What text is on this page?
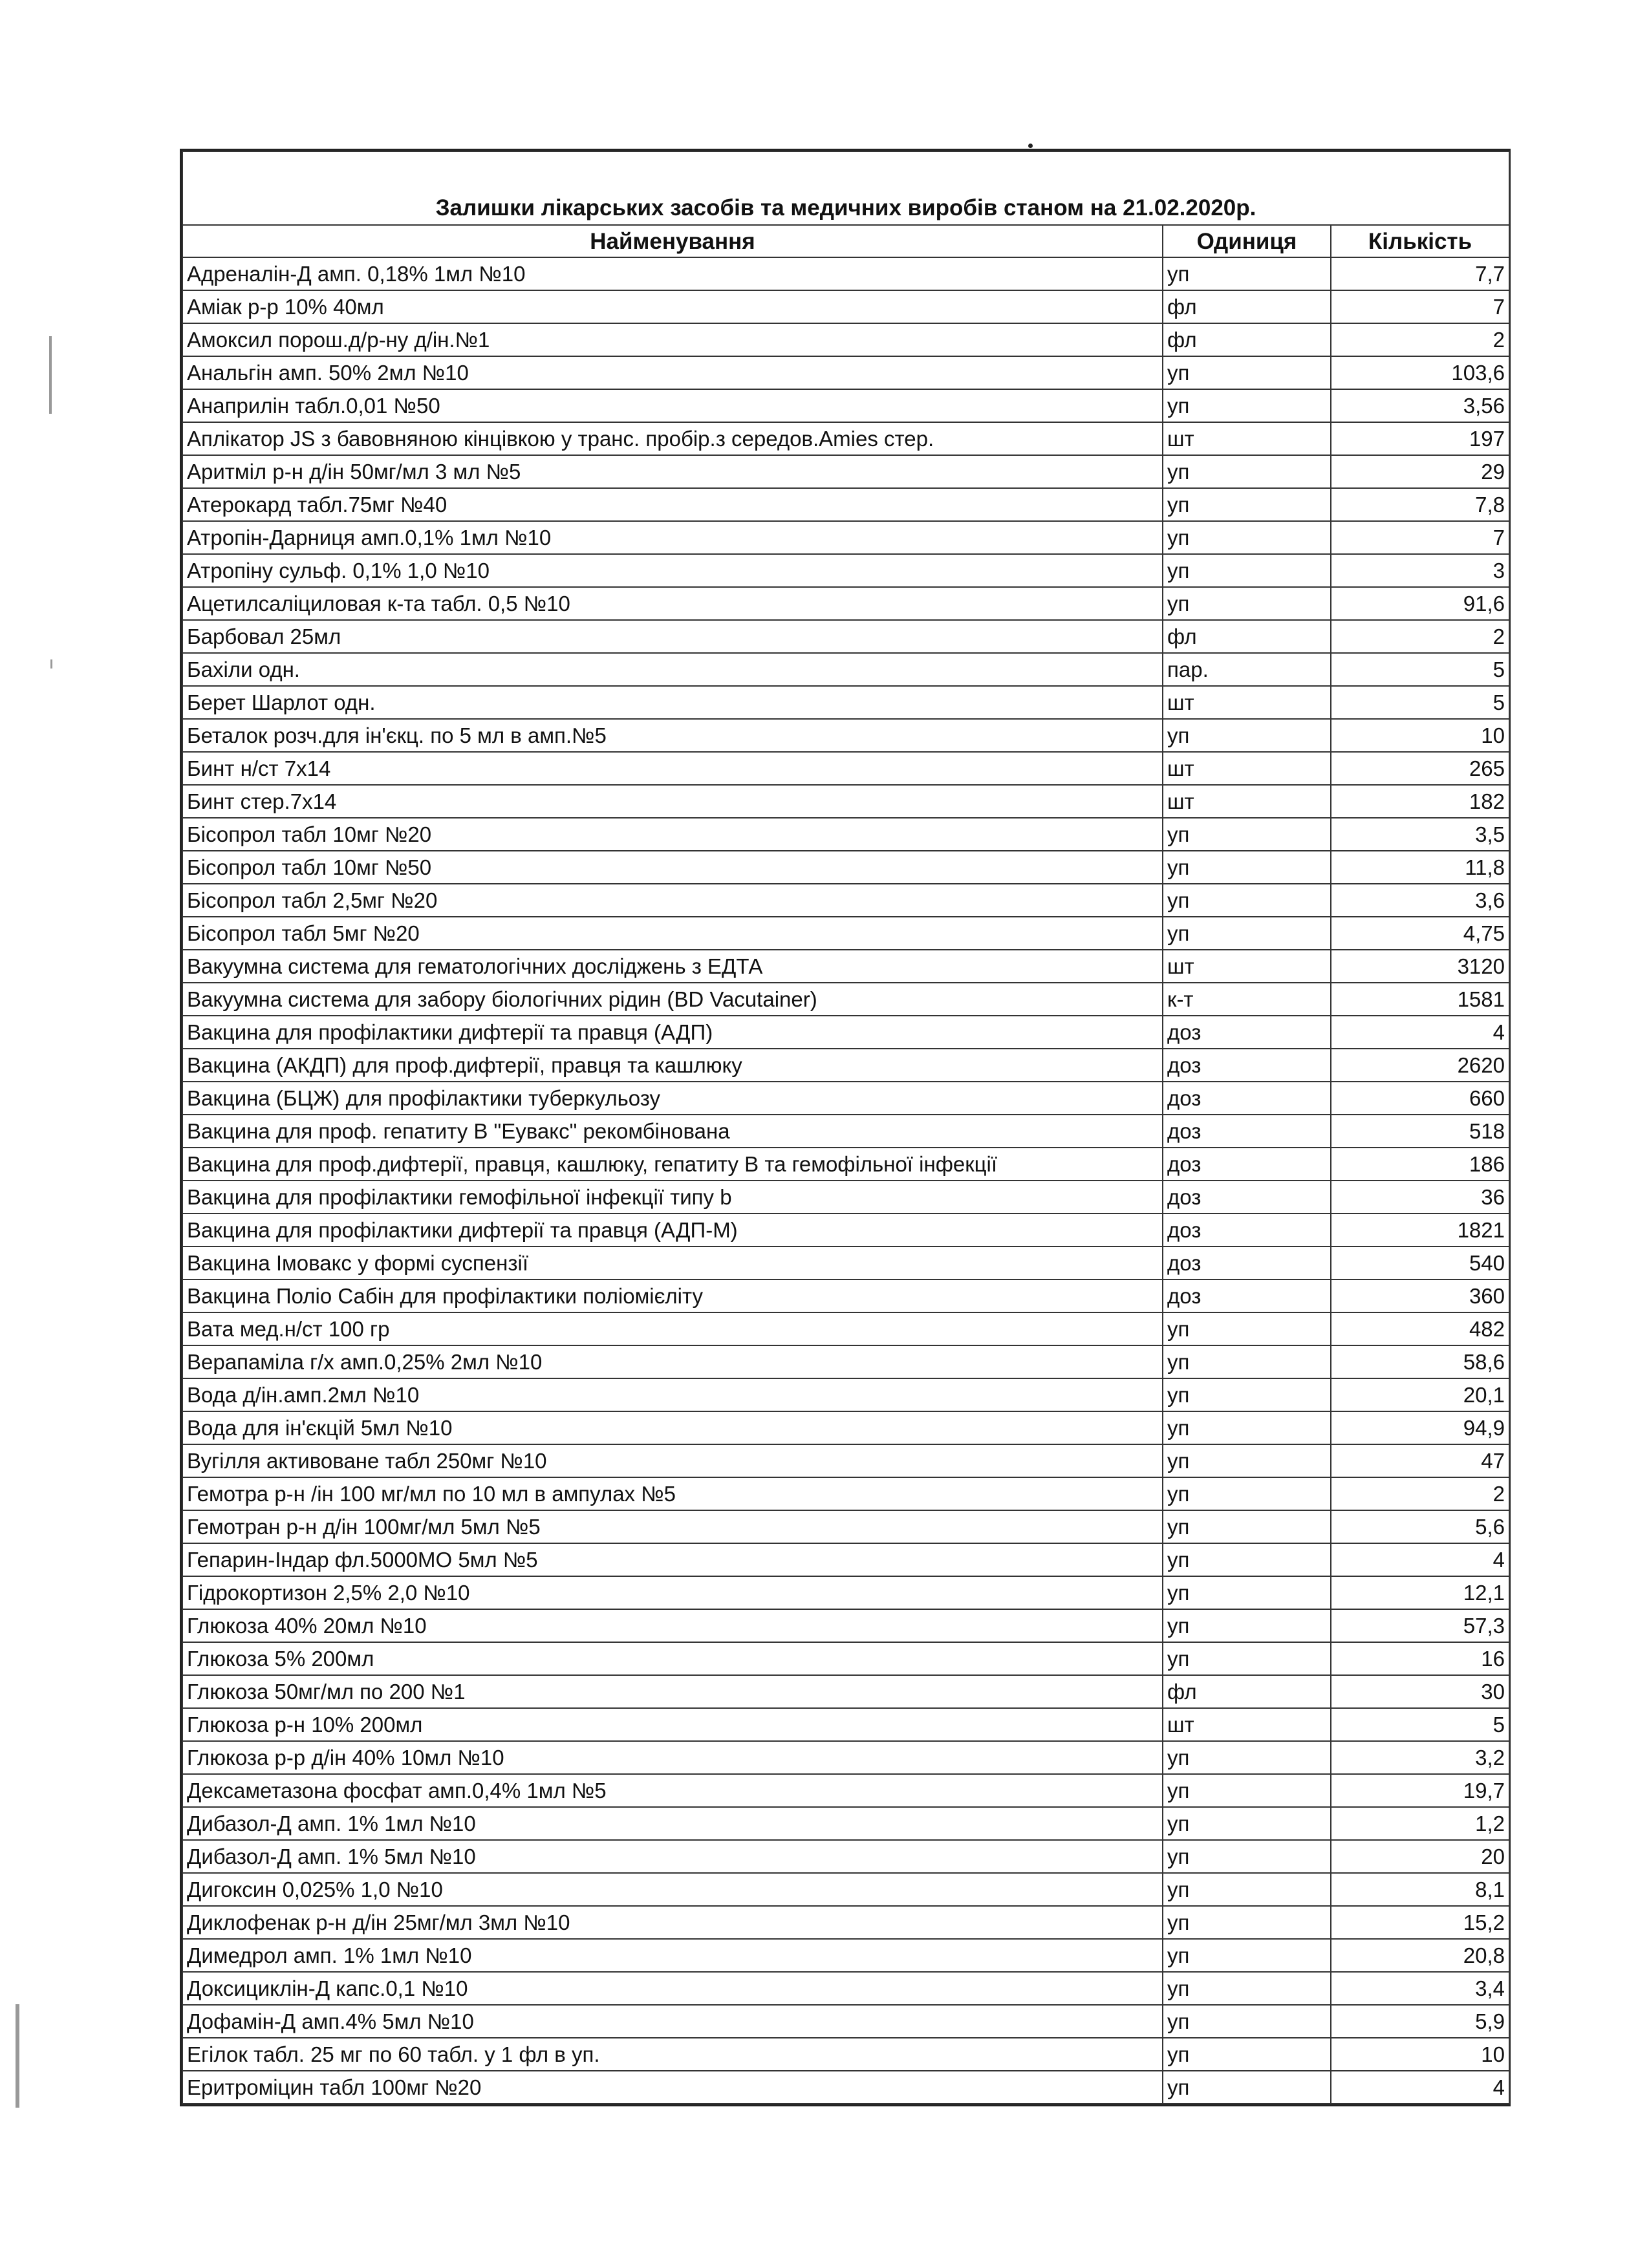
Залишки лікарських засобів та медичних виробів станом на 21.02.2020р.		
Найменування	Одиниця	Кількість
Адреналін-Д амп. 0,18% 1мл №10	уп	7,7
Аміак р-р 10% 40мл	фл	7
Амоксил порош.д/р-ну д/ін.№1	фл	2
Анальгін амп. 50% 2мл №10	уп	103,6
Анаприлін табл.0,01 №50	уп	3,56
Аплікатор JS з бавовняною кінцівкою у транс. пробір.з середов.Amies стер.	шт	197
Аритміл р-н д/ін 50мг/мл 3 мл №5	уп	29
Атерокард табл.75мг №40	уп	7,8
Атропін-Дарниця амп.0,1% 1мл №10	уп	7
Атропіну сульф. 0,1% 1,0 №10	уп	3
Ацетилсаліциловая к-та табл. 0,5 №10	уп	91,6
Барбовал 25мл	фл	2
Бахіли одн.	пар.	5
Берет Шарлот одн.	шт	5
Беталок розч.для ін'єкц. по 5 мл в амп.№5	уп	10
Бинт н/ст 7х14	шт	265
Бинт стер.7х14	шт	182
Бісопрол табл 10мг №20	уп	3,5
Бісопрол табл 10мг №50	уп	11,8
Бісопрол табл 2,5мг №20	уп	3,6
Бісопрол табл 5мг №20	уп	4,75
Вакуумна система для гематологічних досліджень з ЕДТА	шт	3120
Вакуумна система для забору біологічних рідин (BD Vacutainer)	к-т	1581
Вакцина для профілактики дифтерії та правця (АДП)	доз	4
Вакцина (АКДП) для проф.дифтерії, правця та кашлюку	доз	2620
Вакцина (БЦЖ) для профілактики туберкульозу	доз	660
Вакцина для проф. гепатиту В "Еувакс" рекомбінована	доз	518
Вакцина для проф.дифтерії, правця, кашлюку, гепатиту В та гемофільної інфекції	доз	186
Вакцина для профілактики гемофільної інфекції типу b	доз	36
Вакцина для профілактики дифтерії та правця (АДП-М)	доз	1821
Вакцина Імовакс у формі суспензії	доз	540
Вакцина Поліо Сабін для профілактики поліомієліту	доз	360
Вата мед.н/ст 100 гр	уп	482
Верапаміла г/х амп.0,25% 2мл №10	уп	58,6
Вода д/ін.амп.2мл №10	уп	20,1
Вода для ін'єкцій 5мл №10	уп	94,9
Вугілля активоване табл 250мг №10	уп	47
Гемотра р-н /ін 100 мг/мл по 10 мл в ампулах №5	уп	2
Гемотран р-н д/ін 100мг/мл 5мл №5	уп	5,6
Гепарин-Індар фл.5000МО 5мл №5	уп	4
Гідрокортизон 2,5% 2,0 №10	уп	12,1
Глюкоза 40% 20мл №10	уп	57,3
Глюкоза 5% 200мл	уп	16
Глюкоза 50мг/мл по 200 №1	фл	30
Глюкоза р-н 10% 200мл	шт	5
Глюкоза р-р д/ін 40% 10мл №10	уп	3,2
Дексаметазона фосфат амп.0,4% 1мл №5	уп	19,7
Дибазол-Д амп. 1% 1мл №10	уп	1,2
Дибазол-Д амп. 1% 5мл №10	уп	20
Дигоксин 0,025% 1,0 №10	уп	8,1
Диклофенак р-н д/ін 25мг/мл 3мл №10	уп	15,2
Димедрол амп. 1% 1мл №10	уп	20,8
Доксициклін-Д капс.0,1 №10	уп	3,4
Дофамін-Д амп.4% 5мл №10	уп	5,9
Егілок табл. 25 мг по 60 табл. у 1 фл в уп.	уп	10
Еритроміцин табл 100мг №20	уп	4
